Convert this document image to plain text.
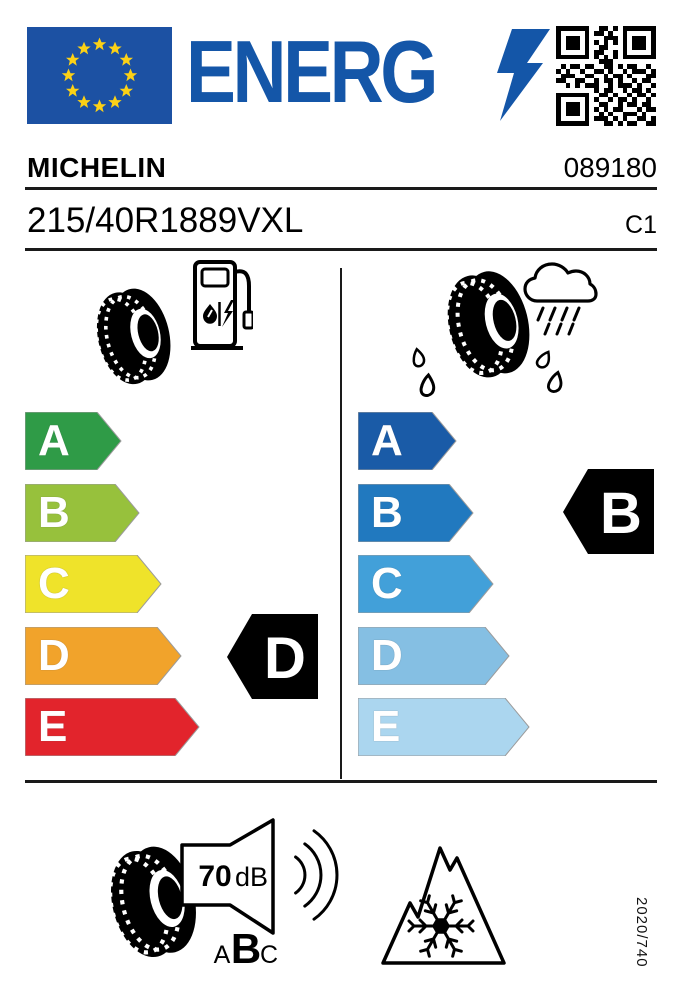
ENERG
MICHELIN	089180
215/40R1889VXL	C1
A
B
C
D
E
D
A
B
C
D
E
B
70 dB
A B
C	2020/740
